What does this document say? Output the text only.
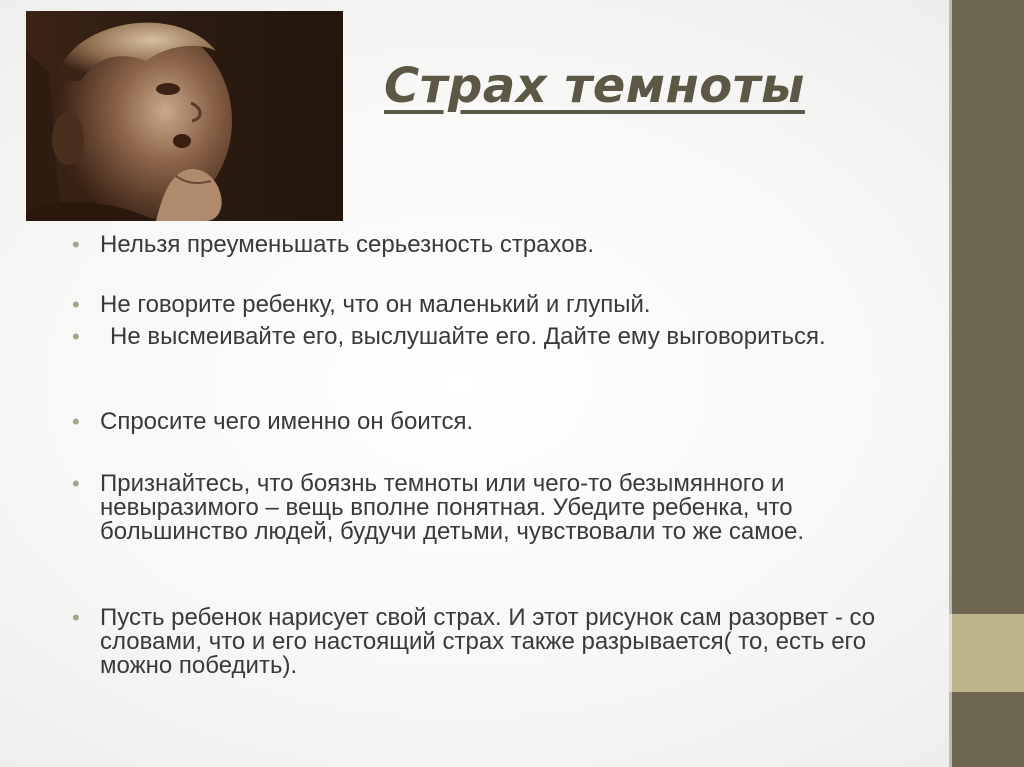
Страх темноты
• Нельзя преуменьшать серьезность страхов.
• Не говорите ребенку, что он маленький и глупый.
•	Не высмеивайте его, выслушайте его. Дайте ему выговориться.
• Спросите чего именно он боится.
• Признайтесь, что боязнь темноты или чего-то безымянного и невыразимого – вещь вполне понятная. Убедите ребенка, что большинство людей, будучи детьми, чувствовали то же самое.
• Пусть ребенок нарисует свой страх. И этот рисунок сам разорвет - со словами, что и его настоящий страх также разрывается( то, есть его можно победить).
